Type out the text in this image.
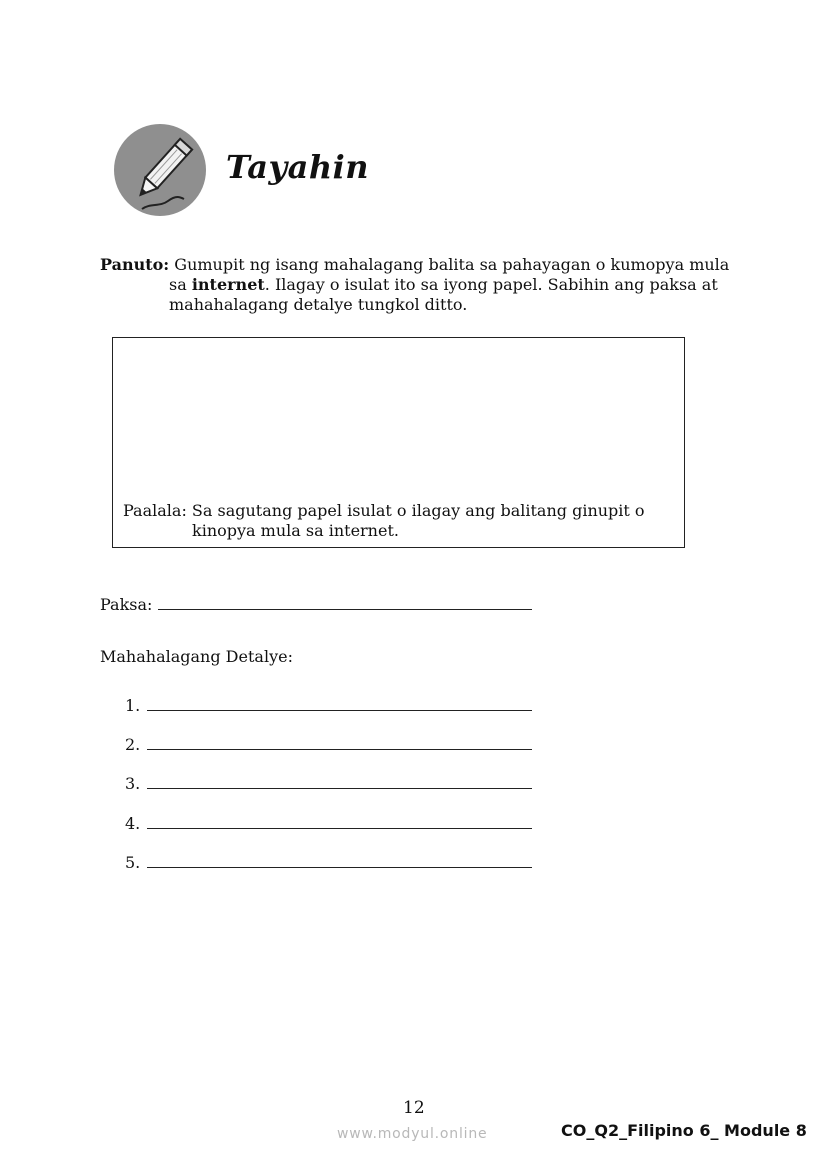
Tayahin
Panuto: Gumupit ng isang mahalagang balita sa pahayagan o kumopya mula
sa internet. Ilagay o isulat ito sa iyong papel. Sabihin ang paksa at
mahahalagang detalye tungkol ditto.
Paalala: Sa sagutang papel isulat o ilagay ang balitang ginupit o
kinopya mula sa internet.
Paksa:
Mahahalagang Detalye:
1.
2.
3.
4.
5.
12
www.modyul.online	CO_Q2_Filipino 6_ Module 8
